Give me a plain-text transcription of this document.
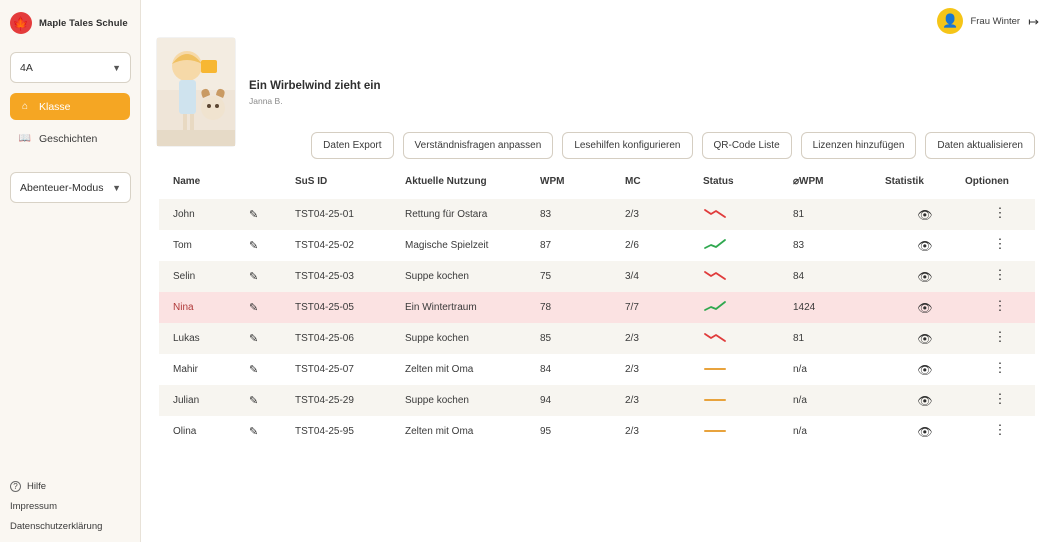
🍁	Maple Tales Schule
4A	▼
⌂ Klasse
📖 Geschichten
Abenteuer-Modus ▼
? Hilfe
Impressum
Datenschutzerklärung
👤	Frau Winter ↦
Ein Wirbelwind zieht ein
Janna B.
Daten Export	Verständnisfragen anpassen	Lesehilfen konfigurieren	QR-Code Liste	Lizenzen hinzufügen	Daten aktualisieren
Name		SuS ID	Aktuelle Nutzung	WPM	MC	Status	⌀WPM	Statistik	Optionen
John	✎	TST04-25-01	Rettung für Ostara	83	2/3		81	👁	⋮
Tom	✎	TST04-25-02	Magische Spielzeit	87	2/6		83	👁	⋮
Selin	✎	TST04-25-03	Suppe kochen	75	3/4		84	👁	⋮
Nina	✎	TST04-25-05	Ein Wintertraum	78	7/7		1424	👁	⋮
Lukas	✎	TST04-25-06	Suppe kochen	85	2/3		81	👁	⋮
Mahir	✎	TST04-25-07	Zelten mit Oma	84	2/3		n/a	👁	⋮
Julian	✎	TST04-25-29	Suppe kochen	94	2/3		n/a	👁	⋮
Olina	✎	TST04-25-95	Zelten mit Oma	95	2/3		n/a	👁	⋮
